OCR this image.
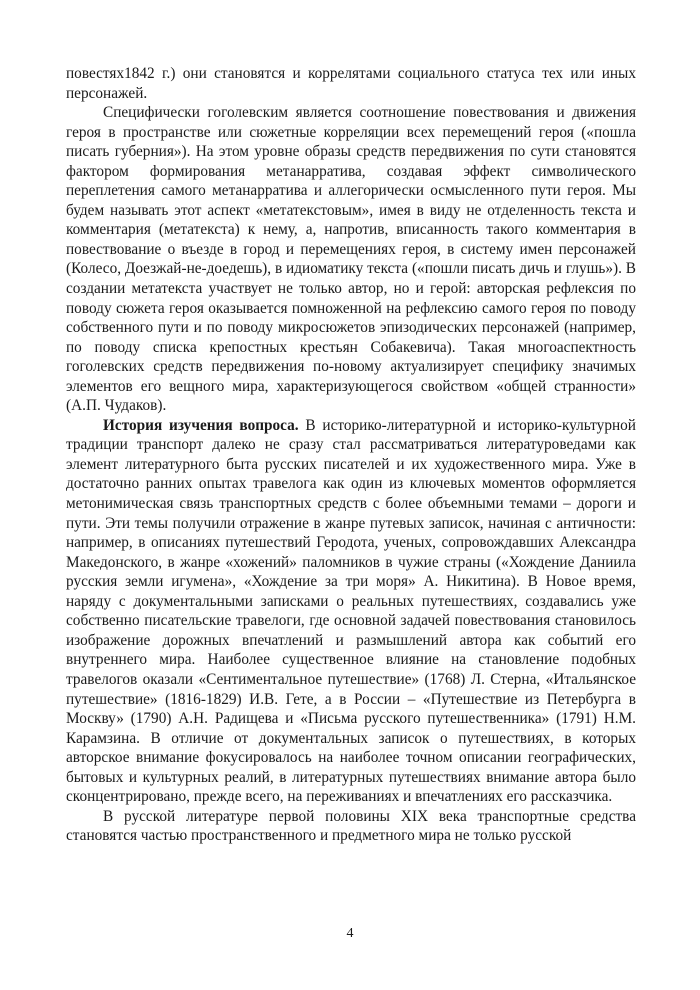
повестях1842 г.) они становятся и коррелятами социального статуса тех или иных персонажей.

Специфически гоголевским является соотношение повествования и движения героя в пространстве или сюжетные корреляции всех перемещений героя («пошла писать губерния»). На этом уровне образы средств передвижения по сути становятся фактором формирования метанарратива, создавая эффект символического переплетения самого метанарратива и аллегорически осмысленного пути героя. Мы будем называть этот аспект «метатекстовым», имея в виду не отделенность текста и комментария (метатекста) к нему, а, напротив, вписанность такого комментария в повествование о въезде в город и перемещениях героя, в систему имен персонажей (Колесо, Доезжай-не-доедешь), в идиоматику текста («пошли писать дичь и глушь»). В создании метатекста участвует не только автор, но и герой: авторская рефлексия по поводу сюжета героя оказывается помноженной на рефлексию самого героя по поводу собственного пути и по поводу микросюжетов эпизодических персонажей (например, по поводу списка крепостных крестьян Собакевича). Такая многоаспектность гоголевских средств передвижения по-новому актуализирует специфику значимых элементов его вещного мира, характеризующегося свойством «общей странности» (А.П. Чудаков).

История изучения вопроса. В историко-литературной и историко-культурной традиции транспорт далеко не сразу стал рассматриваться литературоведами как элемент литературного быта русских писателей и их художественного мира. Уже в достаточно ранних опытах травелога как один из ключевых моментов оформляется метонимическая связь транспортных средств с более объемными темами – дороги и пути. Эти темы получили отражение в жанре путевых записок, начиная с античности: например, в описаниях путешествий Геродота, ученых, сопровождавших Александра Македонского, в жанре «хожений» паломников в чужие страны («Хождение Даниила русския земли игумена», «Хождение за три моря» А. Никитина). В Новое время, наряду с документальными записками о реальных путешествиях, создавались уже собственно писательские травелоги, где основной задачей повествования становилось изображение дорожных впечатлений и размышлений автора как событий его внутреннего мира. Наиболее существенное влияние на становление подобных травелогов оказали «Сентиментальное путешествие» (1768) Л. Стерна, «Итальянское путешествие» (1816-1829) И.В. Гете, а в России – «Путешествие из Петербурга в Москву» (1790) А.Н. Радищева и «Письма русского путешественника» (1791) Н.М. Карамзина. В отличие от документальных записок о путешествиях, в которых авторское внимание фокусировалось на наиболее точном описании географических, бытовых и культурных реалий, в литературных путешествиях внимание автора было сконцентрировано, прежде всего, на переживаниях и впечатлениях его рассказчика.

В русской литературе первой половины XIX века транспортные средства становятся частью пространственного и предметного мира не только русской

4
